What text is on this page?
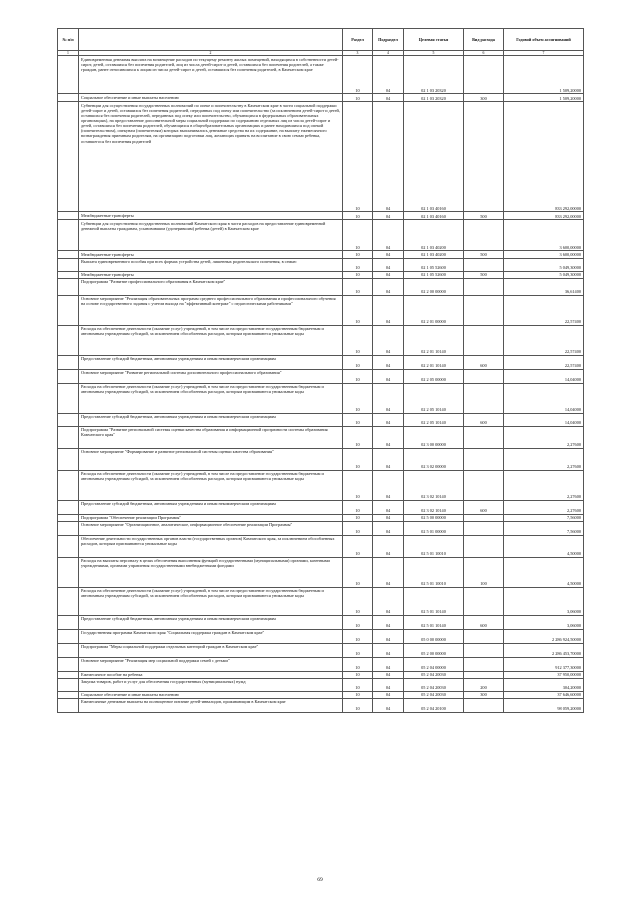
№ п/п		Раздел	Подраздел	Целевая статья	Вид расхода	Годовой объем ассигнований
1	2	3	4	5	6	7
	Единовременная денежная выплата на возмещение расходов по текущему ремонту жилых помещений, находящихся в собственности детей-сирот, детей, оставшихся без попечения родителей, лиц из числа детей-сирот и детей, оставшихся без попечения родителей, а также граждан, ранее относившихся к лицам из числа детей-сирот и детей, оставшихся без попечения родителей, в Камчатском крае	10	04	02 1 03 20320		1 509,20000
	Социальное обеспечение и иные выплаты населению	10	04	02 1 03 20320	300	1 509,20000
	Субвенции для осуществления государственных полномочий по опеке и попечительству в Камчатском крае в части социальной поддержки детей-сирот и детей, оставшихся без попечения родителей, переданных под опеку или попечительство (за исключением детей-сирот и детей, оставшихся без попечения родителей, переданных под опеку или попечительство, обучающихся в федеральных образовательных организациях), на предоставление дополнительной меры социальной поддержки по содержанию отдельных лиц из числа детей-сирот и детей, оставшихся без попечения родителей, обучающихся в общеобразовательных организациях и ранее находившихся под опекой (попечительством), опекунам (попечителям) которых выплачивались денежные средства на их содержание, на выплату ежемесячного вознаграждения приемным родителям, на организацию подготовки лиц, желающих принять на воспитание в свою семью ребенка, оставшегося без попечения родителей	10	04	02 1 03 40160		833 292,00000
	Межбюджетные трансферты	10	04	02 1 03 40160	500	833 292,00000
	Субвенции для осуществления государственных полномочий Камчатского края в части расходов на предоставление единовременной денежной выплаты гражданам, усыновившим (удочерившим) ребенка (детей) в Камчатском крае	10	04	02 1 03 40200		3 600,00000
	Межбюджетные трансферты	10	04	02 1 03 40200	500	3 600,00000
	Выплата единовременного пособия при всех формах устройства детей, лишенных родительского попечения, в семью	10	04	02 1 05 52600		5 049,30000
	Межбюджетные трансферты	10	04	02 1 05 52600	500	5 049,30000
	Подпрограмма "Развитие профессионального образования в Камчатском крае"	10	04	02 2 00 00000		36,61400
	Основное мероприятие "Реализация образовательных программ среднего профессионального образования и профессионального обучения на основе государственного задания с учетом выхода на "эффективный контракт" с педагогическими работниками"	10	04	02 2 01 00000		22,57400
	Расходы на обеспечение деятельности (оказание услуг) учреждений, в том числе на предоставление государственным бюджетным и автономным учреждениям субсидий, за исключением обособленных расходов, которым присваиваются уникальные коды	10	04	02 2 01 10140		22,57400
	Предоставление субсидий бюджетным, автономным учреждениям и иным некоммерческим организациям	10	04	02 2 01 10140	600	22,57400
	Основное мероприятие "Развитие региональной системы дополнительного профессионального образования"	10	04	02 2 05 00000		14,04000
	Расходы на обеспечение деятельности (оказание услуг) учреждений, в том числе на предоставление государственным бюджетным и автономным учреждениям субсидий, за исключением обособленных расходов, которым присваиваются уникальные коды	10	04	02 2 05 10140		14,04000
	Предоставление субсидий бюджетным, автономным учреждениям и иным некоммерческим организациям	10	04	02 2 05 10140	600	14,04000
	Подпрограмма "Развитие региональной системы оценки качества образования и информационной прозрачности системы образования Камчатского края"	10	04	02 3 00 00000		2,27600
	Основное мероприятие "Формирование и развитие региональной системы оценки качества образования"	10	04	02 3 02 00000		2,27600
	Расходы на обеспечение деятельности (оказание услуг) учреждений, в том числе на предоставление государственным бюджетным и автономным учреждениям субсидий, за исключением обособленных расходов, которым присваиваются уникальные коды	10	04	02 3 02 10140		2,27600
	Предоставление субсидий бюджетным, автономным учреждениям и иным некоммерческим организациям	10	04	02 3 02 10140	600	2,27600
	Подпрограмма "Обеспечение реализации Программы"	10	04	02 5 00 00000		7,56000
	Основное мероприятие "Организационное, аналитическое, информационное обеспечение реализации Программы"	10	04	02 5 01 00000		7,56000
	Обеспечение деятельности государственных органов власти (государственных органов) Камчатского края, за исключением обособленных расходов, которым присваиваются уникальные коды	10	04	02 5 01 10010		4,50000
	Расходы на выплаты персоналу в целях обеспечения выполнения функций государственными (муниципальными) органами, казенными учреждениями, органами управления государственными внебюджетными фондами	10	04	02 5 01 10010	100	4,50000
	Расходы на обеспечение деятельности (оказание услуг) учреждений, в том числе на предоставление государственным бюджетным и автономным учреждениям субсидий, за исключением обособленных расходов, которым присваиваются уникальные коды	10	04	02 5 01 10140		3,06000
	Предоставление субсидий бюджетным, автономным учреждениям и иным некоммерческим организациям	10	04	02 5 01 10140	600	3,06000
	Государственная программа Камчатского края "Социальная поддержка граждан в Камчатском крае"	10	04	05 0 00 00000		2 286 924,50000
	Подпрограмма "Меры социальной поддержки отдельных категорий граждан в Камчатском крае"	10	04	05 2 00 00000		2 286 453,70000
	Основное мероприятие "Реализация мер социальной поддержки семей с детьми"	10	04	05 2 04 00000		912 377,30000
	Ежемесячное пособие на ребенка	10	04	05 2 04 20030		37 950,00000
	Закупка товаров, работ и услуг для обеспечения государственных (муниципальных) нужд	10	04	05 2 04 20030	200	304,20000
	Социальное обеспечение и иные выплаты населению	10	04	05 2 04 20030	300	37 646,60000
	Ежемесячные денежные выплаты на полноценное питание детей-инвалидов, проживающим в Камчатском крае	10	04	05 2 04 20100		98 059,20000
69
